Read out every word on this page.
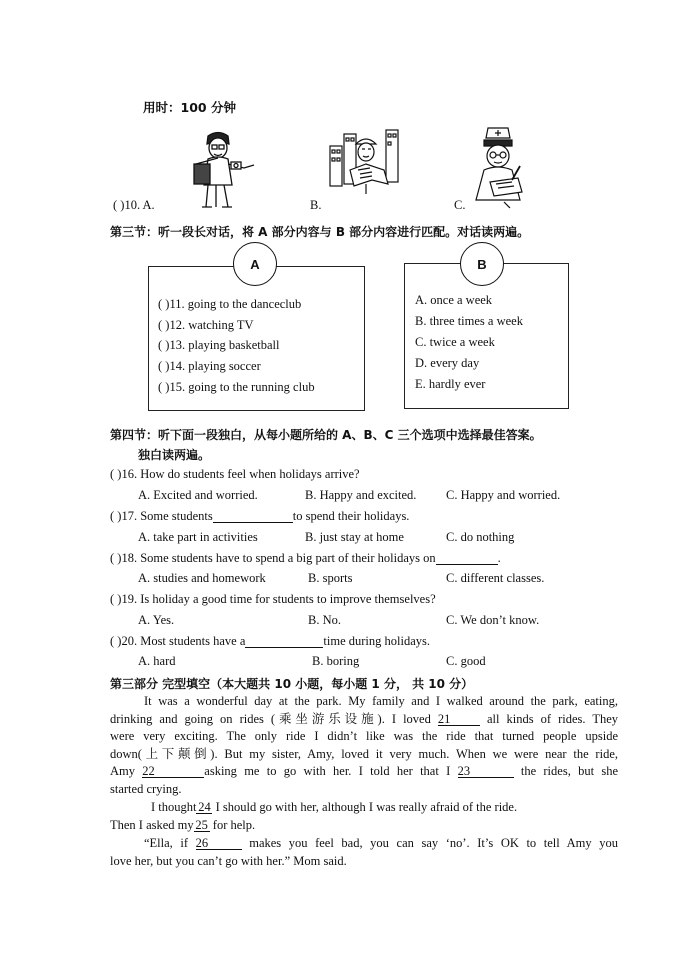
用时：100 分钟
( )10. A.	B.	C.
第三节：听一段长对话，将 A 部分内容与 B 部分内容进行匹配。对话读两遍。
A	B
( )11. going to the danceclub
( )12. watching TV
( )13. playing basketball
( )14. playing soccer
( )15. going to the running club
A. once a week
B. three times a week
C. twice a week
D. every day
E. hardly ever
第四节：听下面一段独白，从每小题所给的 A、B、C 三个选项中选择最佳答案。
独白读两遍。
( )16. How do students feel when holidays arrive?
A. Excited and worried.	B. Happy and excited. C. Happy and worried.
( )17. Some students	to spend their holidays.
A. take part in activities	B. just stay at home	C. do nothing
( )18. Some students have to spend a big part of their holidays on	.
A. studies and homework	B. sports	C. different classes.
( )19. Is holiday a good time for students to improve themselves?
A. Yes.	B. No.	C. We don’t know.
( )20. Most students have a	time during holidays.
A. hard	B. boring	C. good
第三部分 完型填空（本大题共 10 小题，每小题 1 分， 共 10 分）
It was a wonderful day at the park. My family and I walked around the park, eating,
drinking and going on rides (乘坐游乐设施). I loved 21	all kinds of rides. They
were very exciting. The only ride I didn’t like was the ride that turned people upside
down(上下颠倒). But my sister, Amy, loved it very much. When we were near the ride,
Amy 22	asking me to go with her. I told her that I 23	the rides, but she
started crying.
I thought 24 I should go with her, although I was really afraid of the ride.
Then I asked my 25 for help.
“Ella, if 26	makes you feel bad, you can say ‘no’. It’s OK to tell Amy you
love her, but you can’t go with her.” Mom said.
